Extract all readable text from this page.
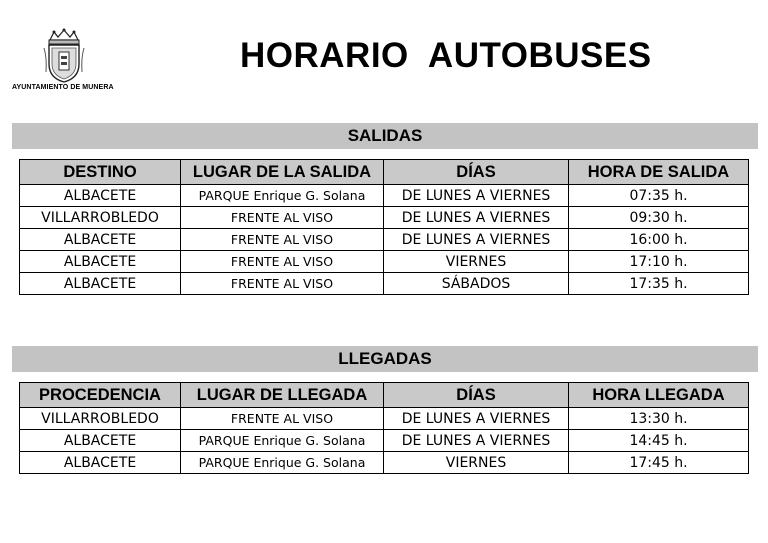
AYUNTAMIENTO DE MUNERA
HORARIO  AUTOBUSES
SALIDAS
DESTINO	LUGAR DE LA SALIDA	DÍAS	HORA DE SALIDA
ALBACETE	PARQUE Enrique G. Solana	DE LUNES A VIERNES	07:35 h.
VILLARROBLEDO	FRENTE AL VISO	DE LUNES A VIERNES	09:30 h.
ALBACETE	FRENTE AL VISO	DE LUNES A VIERNES	16:00 h.
ALBACETE	FRENTE AL VISO	VIERNES	17:10 h.
ALBACETE	FRENTE AL VISO	SÁBADOS	17:35 h.
LLEGADAS
PROCEDENCIA	LUGAR DE LLEGADA	DÍAS	HORA LLEGADA
VILLARROBLEDO	FRENTE AL VISO	DE LUNES A VIERNES	13:30 h.
ALBACETE	PARQUE Enrique G. Solana	DE LUNES A VIERNES	14:45 h.
ALBACETE	PARQUE Enrique G. Solana	VIERNES	17:45 h.
